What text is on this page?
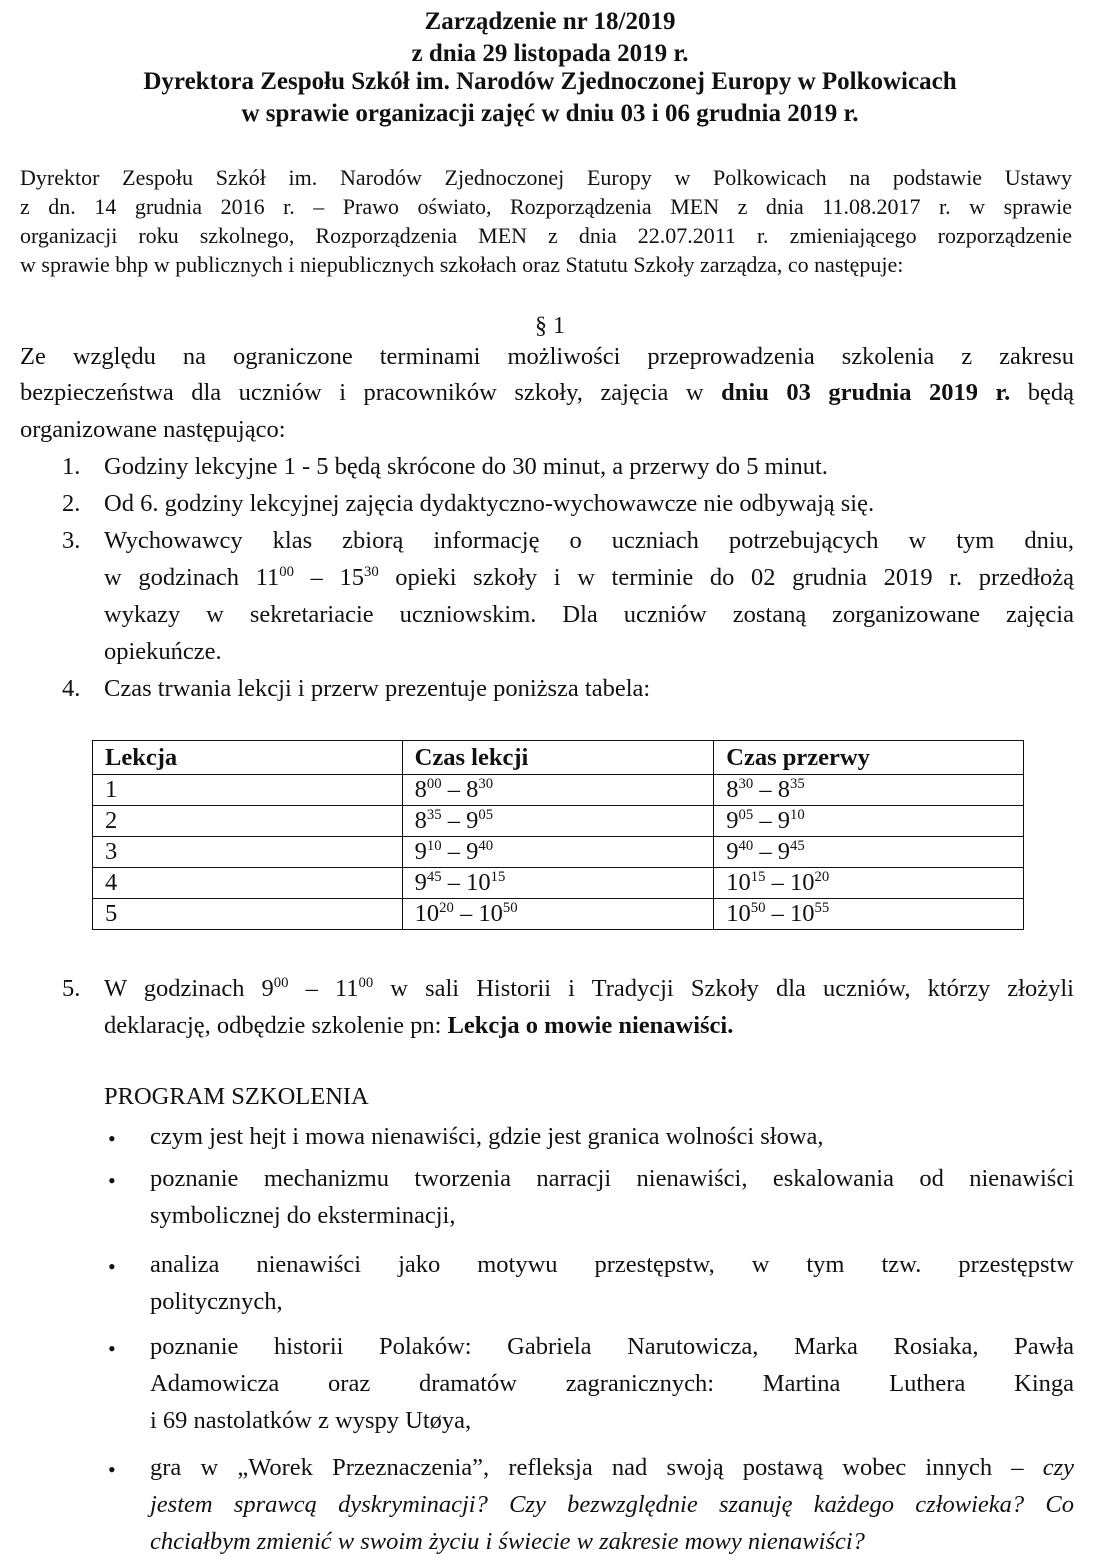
Zarządzenie nr 18/2019
z dnia 29 listopada 2019 r.
Dyrektora Zespołu Szkół im. Narodów Zjednoczonej Europy w Polkowicach
w sprawie organizacji zajęć w dniu 03 i 06 grudnia 2019 r.
Dyrektor Zespołu Szkół im. Narodów Zjednoczonej Europy w Polkowicach na podstawie Ustawy
z dn. 14 grudnia 2016 r. – Prawo oświato, Rozporządzenia MEN z dnia 11.08.2017 r. w sprawie
organizacji roku szkolnego, Rozporządzenia MEN z dnia 22.07.2011 r. zmieniającego rozporządzenie
w sprawie bhp w publicznych i niepublicznych szkołach oraz Statutu Szkoły zarządza, co następuje:
§ 1
Ze względu na ograniczone terminami możliwości przeprowadzenia szkolenia z zakresu
bezpieczeństwa dla uczniów i pracowników szkoły, zajęcia w dniu 03 grudnia 2019 r. będą
organizowane następująco:
1. Godziny lekcyjne 1 - 5 będą skrócone do 30 minut, a przerwy do 5 minut.
2. Od 6. godziny lekcyjnej zajęcia dydaktyczno-wychowawcze nie odbywają się.
3. Wychowawcy klas zbiorą informację o uczniach potrzebujących w tym dniu,
w godzinach $11^{00} - 15^{30}$ opieki szkoły i w terminie do 02 grudnia 2019 r. przedłożą
wykazy w sekretariacie uczniowskim. Dla uczniów zostaną zorganizowane zajęcia
opiekuńcze.
4. Czas trwania lekcji i przerw prezentuje poniższa tabela:
Lekcja	Czas lekcji	Czas przerwy
1	$8^{00} - 8^{30}$	$8^{30} - 8^{35}$
2	$8^{35} - 9^{05}$	$9^{05} - 9^{10}$
3	$9^{10} - 9^{40}$	$9^{40} - 9^{45}$
4	$9^{45} - 10^{15}$	$10^{15} - 10^{20}$
5	$10^{20} - 10^{50}$	$10^{50} - 10^{55}$
5. W godzinach $9^{00} - 11^{00}$ w sali Historii i Tradycji Szkoły dla uczniów, którzy złożyli
deklarację, odbędzie szkolenie pn: Lekcja o mowie nienawiści.
PROGRAM SZKOLENIA
•	czym jest hejt i mowa nienawiści, gdzie jest granica wolności słowa,
•	poznanie mechanizmu tworzenia narracji nienawiści, eskalowania od nienawiści
symbolicznej do eksterminacji,
•	analiza nienawiści jako motywu przestępstw, w tym tzw. przestępstw
politycznych,
•	poznanie historii Polaków: Gabriela Narutowicza, Marka Rosiaka, Pawła
Adamowicza oraz dramatów zagranicznych: Martina Luthera Kinga
i 69 nastolatków z wyspy Utøya,
•	gra w „Worek Przeznaczenia”, refleksja nad swoją postawą wobec innych – czy
jestem sprawcą dyskryminacji? Czy bezwzględnie szanuję każdego człowieka? Co
chciałbym zmienić w swoim życiu i świecie w zakresie mowy nienawiści?
